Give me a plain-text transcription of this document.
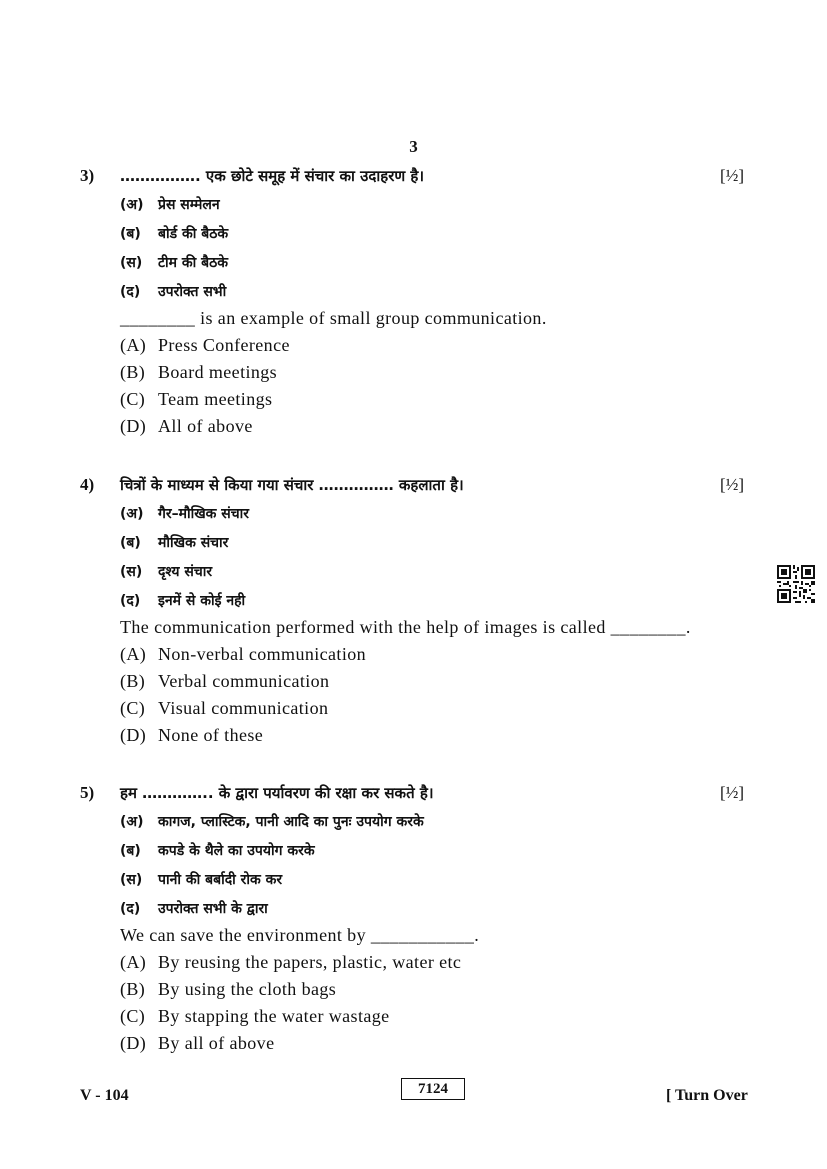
3
3) ……………. एक छोटे समूह में संचार का उदाहरण है।	[½]
(अ) प्रेस सम्मेलन
(ब) बोर्ड की बैठके
(स) टीम की बैठके
(द) उपरोक्त सभी
________ is an example of small group communication.
(A) Press Conference
(B) Board meetings
(C) Team meetings
(D) All of above
4) चित्रों के माध्यम से किया गया संचार …………… कहलाता है।	[½]
(अ) गैर–मौखिक संचार
(ब) मौखिक संचार
(स) दृश्य संचार
(द) इनमें से कोई नही
The communication performed with the help of images is called ________.
(A) Non-verbal communication
(B) Verbal communication
(C) Visual communication
(D) None of these
5) हम ………….. के द्वारा पर्यावरण की रक्षा कर सकते है।	[½]
(अ) कागज, प्लास्टिक, पानी आदि का पुनः उपयोग करके
(ब) कपडे के थैले का उपयोग करके
(स) पानी की बर्बादी रोक कर
(द) उपरोक्त सभी के द्वारा
We can save the environment by ___________.
(A) By reusing the papers, plastic, water etc
(B) By using the cloth bags
(C) By stapping the water wastage
(D) By all of above
V - 104	7124	[ Turn Over
